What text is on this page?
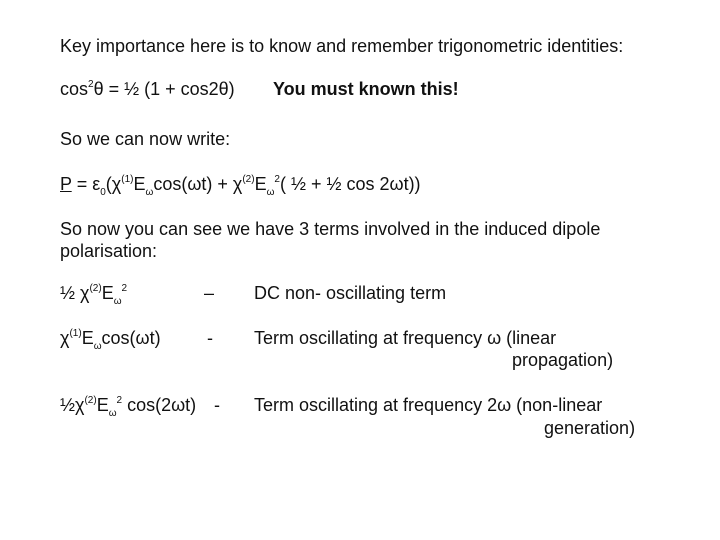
Key importance here is to know and remember trigonometric identities:
$\cos^2\theta$ = ½ (1 + cos2θ) You must known this!
So we can now write:
$P = \varepsilon_0(\chi^{(1)}E_\omega\cos(\omega t) + \chi^{(2)}E_\omega^2$( ½ + ½ cos 2ωt))
So now you can see we have 3 terms involved in the induced dipole
polarisation:
½ $\chi^{(2)}E_\omega^2$	– DC non- oscillating term
$\chi^{(1)}E_\omega\cos(\omega t)$	- Term oscillating at frequency ω (linear
propagation)
$\frac{1}{2}\chi^{(2)}E_\omega^2$ cos(2ωt) - Term oscillating at frequency 2ω (non-linear
generation)
